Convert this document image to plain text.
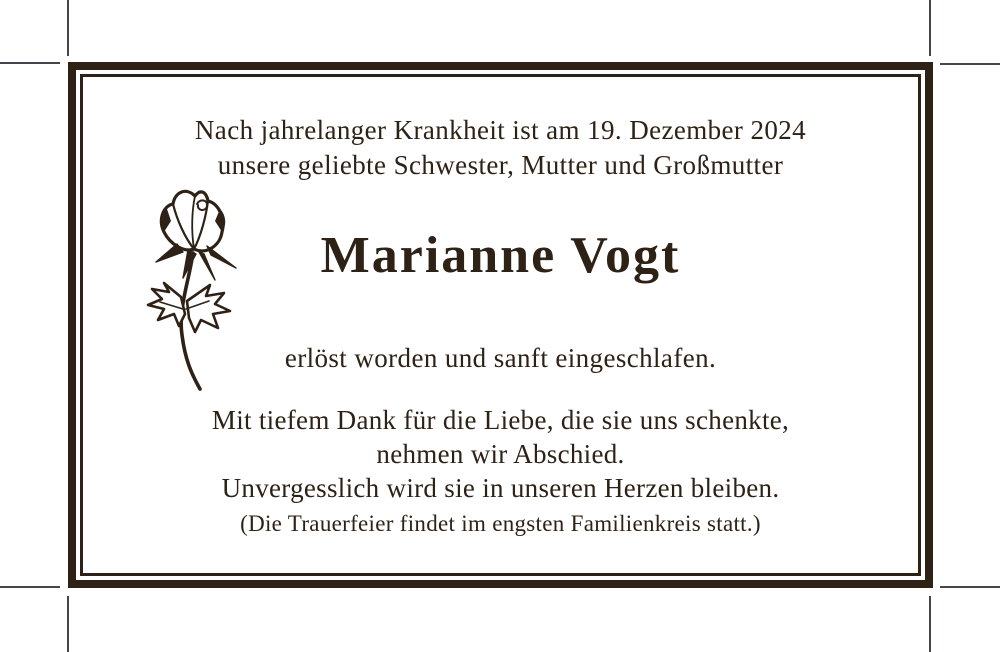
Nach jahrelanger Krankheit ist am 19. Dezember 2024
unsere geliebte Schwester, Mutter und Großmutter
Marianne Vogt
erlöst worden und sanft eingeschlafen.
Mit tiefem Dank für die Liebe, die sie uns schenkte,
nehmen wir Abschied.
Unvergesslich wird sie in unseren Herzen bleiben.
(Die Trauerfeier findet im engsten Familienkreis statt.)
